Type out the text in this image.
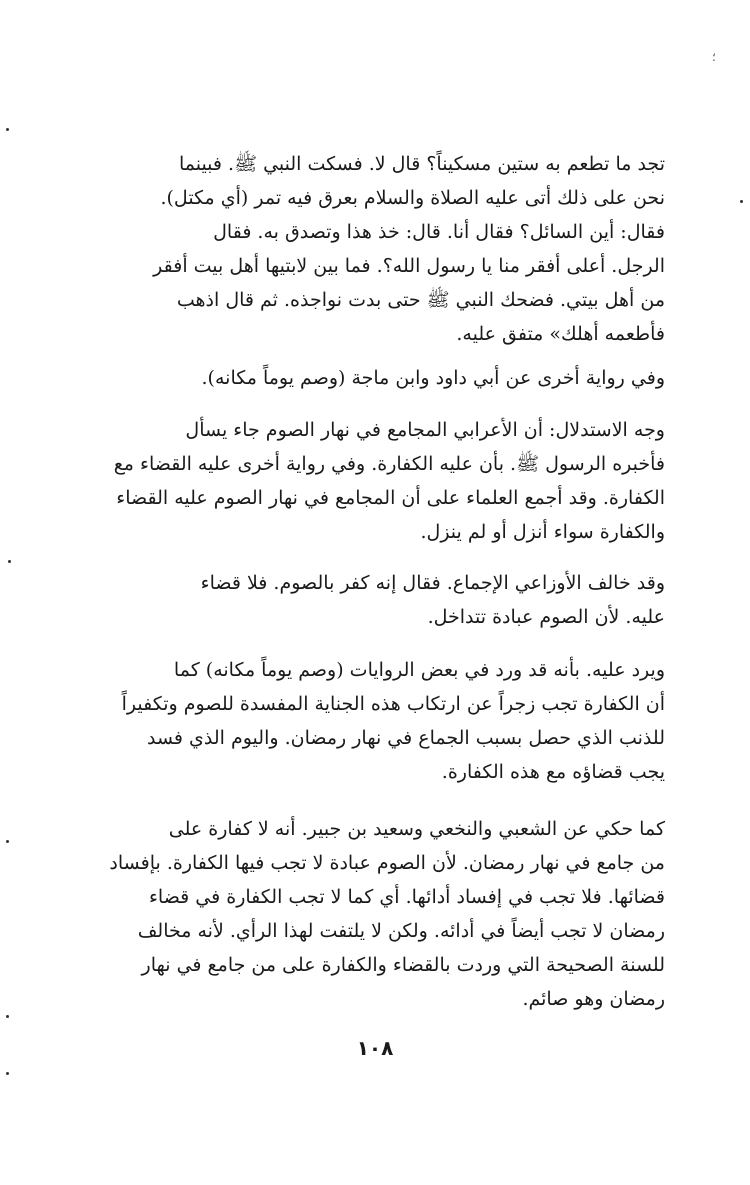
؛
تجد ما تطعم به ستين مسكيناً؟ قال لا. فسكت النبي ﷺ. فبينما
نحن على ذلك أتى عليه الصلاة والسلام بعرق فيه تمر (أي مكتل).
فقال: أين السائل؟ فقال أنا. قال: خذ هذا وتصدق به. فقال
الرجل. أعلى أفقر منا يا رسول الله؟. فما بين لابتيها أهل بيت أفقر
من أهل بيتي. فضحك النبي ﷺ حتى بدت نواجذه. ثم قال اذهب
فأطعمه أهلك» متفق عليه.
وفي رواية أخرى عن أبي داود وابن ماجة (وصم يوماً مكانه).
وجه الاستدلال: أن الأعرابي المجامع في نهار الصوم جاء يسأل
فأخبره الرسول ﷺ. بأن عليه الكفارة. وفي رواية أخرى عليه القضاء مع
الكفارة. وقد أجمع العلماء على أن المجامع في نهار الصوم عليه القضاء
والكفارة سواء أنزل أو لم ينزل.
وقد خالف الأوزاعي الإجماع. فقال إنه كفر بالصوم. فلا قضاء
عليه. لأن الصوم عبادة تتداخل.
ويرد عليه. بأنه قد ورد في بعض الروايات (وصم يوماً مكانه) كما
أن الكفارة تجب زجراً عن ارتكاب هذه الجناية المفسدة للصوم وتكفيراً
للذنب الذي حصل بسبب الجماع في نهار رمضان. واليوم الذي فسد
يجب قضاؤه مع هذه الكفارة.
كما حكي عن الشعبي والنخعي وسعيد بن جبير. أنه لا كفارة على
من جامع في نهار رمضان. لأن الصوم عبادة لا تجب فيها الكفارة. بإفساد
قضائها. فلا تجب في إفساد أدائها. أي كما لا تجب الكفارة في قضاء
رمضان لا تجب أيضاً في أدائه. ولكن لا يلتفت لهذا الرأي. لأنه مخالف
للسنة الصحيحة التي وردت بالقضاء والكفارة على من جامع في نهار
رمضان وهو صائم.
١٠٨
